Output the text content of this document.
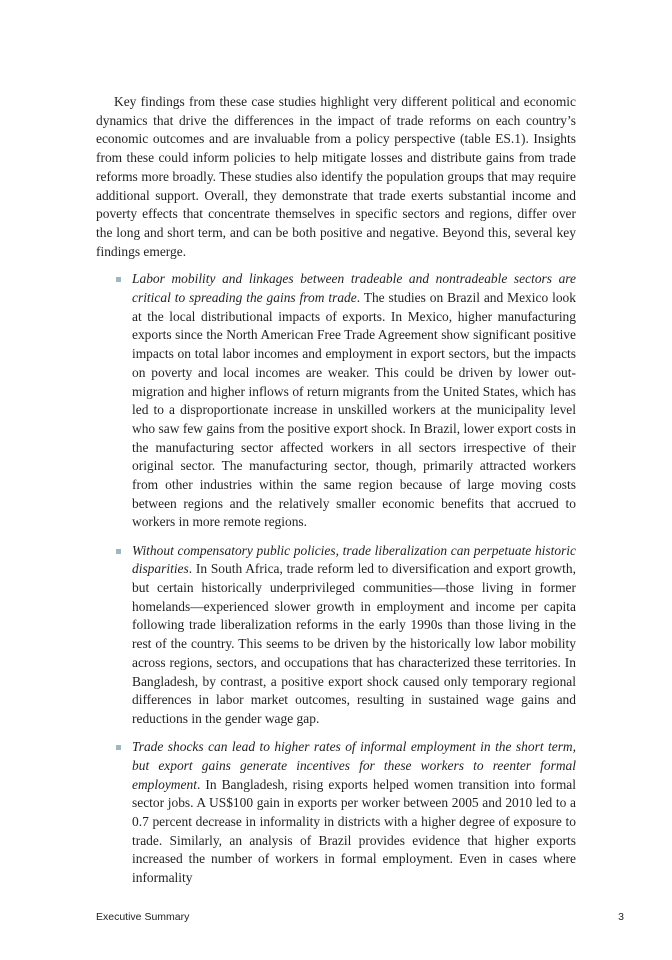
Key findings from these case studies highlight very different political and economic dynamics that drive the differences in the impact of trade reforms on each country’s economic outcomes and are invaluable from a policy perspective (table ES.1). Insights from these could inform policies to help mitigate losses and distribute gains from trade reforms more broadly. These studies also identify the population groups that may require additional support. Overall, they demonstrate that trade exerts substantial income and poverty effects that concentrate themselves in specific sectors and regions, differ over the long and short term, and can be both positive and negative. Beyond this, several key findings emerge.

Labor mobility and linkages between tradeable and nontradeable sectors are critical to spreading the gains from trade. The studies on Brazil and Mexico look at the local distributional impacts of exports. In Mexico, higher manufacturing exports since the North American Free Trade Agreement show significant positive impacts on total labor incomes and employment in export sectors, but the impacts on poverty and local incomes are weaker. This could be driven by lower out-migration and higher inflows of return migrants from the United States, which has led to a disproportionate increase in unskilled workers at the municipality level who saw few gains from the positive export shock. In Brazil, lower export costs in the manufacturing sector affected workers in all sectors irrespective of their original sector. The manufacturing sector, though, primarily attracted workers from other industries within the same region because of large moving costs between regions and the relatively smaller economic benefits that accrued to workers in more remote regions.
Without compensatory public policies, trade liberalization can perpetuate historic disparities. In South Africa, trade reform led to diversification and export growth, but certain historically underprivileged communities—those living in former homelands—experienced slower growth in employment and income per capita following trade liberalization reforms in the early 1990s than those living in the rest of the country. This seems to be driven by the historically low labor mobility across regions, sectors, and occupations that has characterized these territories. In Bangladesh, by contrast, a positive export shock caused only temporary regional differences in labor market outcomes, resulting in sustained wage gains and reductions in the gender wage gap.
Trade shocks can lead to higher rates of informal employment in the short term, but export gains generate incentives for these workers to reenter formal employment. In Bangladesh, rising exports helped women transition into formal sector jobs. A US$100 gain in exports per worker between 2005 and 2010 led to a 0.7 percent decrease in informality in districts with a higher degree of exposure to trade. Similarly, an analysis of Brazil provides evidence that higher exports increased the number of workers in formal employment. Even in cases where informality
Executive Summary	3
